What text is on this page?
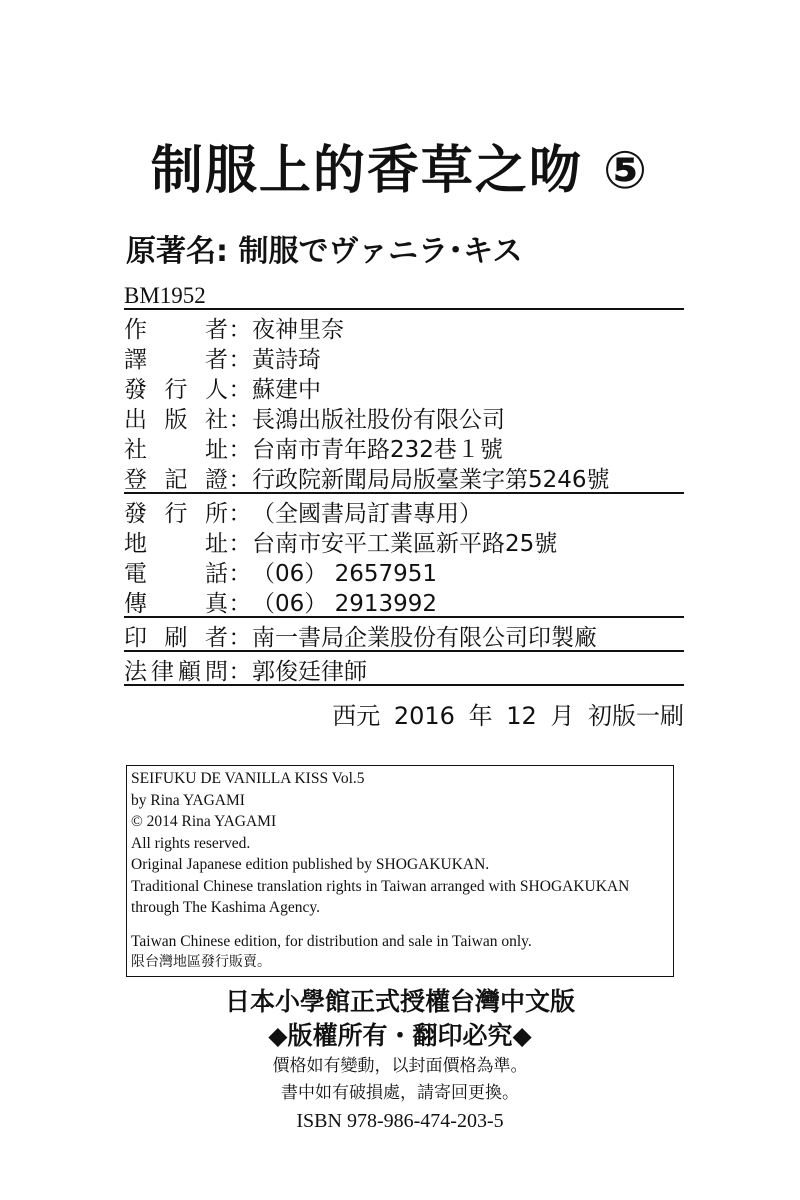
制服上的香草之吻 ⑤
原著名: 制服でヴァニラ･キス
BM1952
作	者 ： 夜神里奈
譯	者 ： 黃詩琦
發 行 人 ： 蘇建中
出 版 社 ： 長鴻出版社股份有限公司
社	址 ： 台南市青年路232巷１號
登 記 證 ： 行政院新聞局局版臺業字第5246號
發 行 所 ： （全國書局訂書專用）
地	址 ： 台南市安平工業區新平路25號
電	話 ： （06） 2657951
傳	真 ： （06） 2913992
印 刷 者 ： 南一書局企業股份有限公司印製廠
法 律 顧 問 ： 郭俊廷律師
西元 2016 年 12 月 初版一刷
SEIFUKU DE VANILLA KISS Vol.5
by Rina YAGAMI
© 2014 Rina YAGAMI
All rights reserved.
Original Japanese edition published by SHOGAKUKAN.
Traditional Chinese translation rights in Taiwan arranged with SHOGAKUKAN
through The Kashima Agency.
Taiwan Chinese edition, for distribution and sale in Taiwan only.
限台灣地區發行販賣。
日本小學館正式授權台灣中文版
◆版權所有・翻印必究◆
價格如有變動，以封面價格為準。
書中如有破損處，請寄回更換。
ISBN 978-986-474-203-5
